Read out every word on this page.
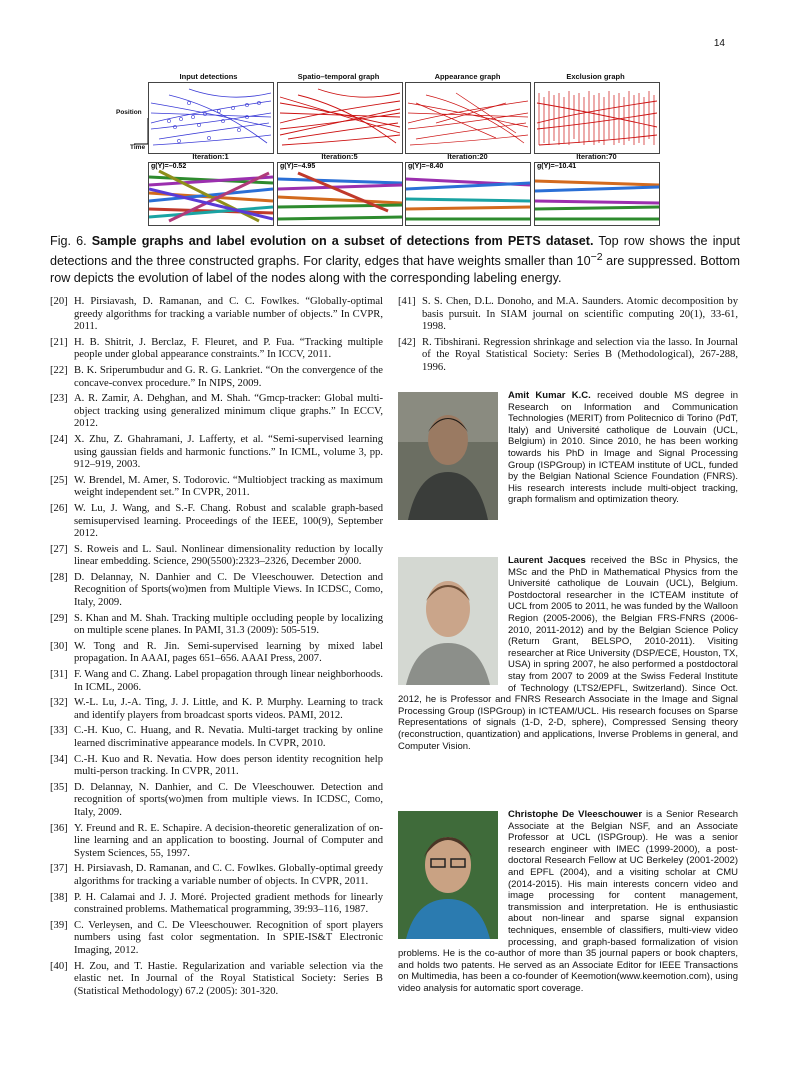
14
Input detections	Spatio–temporal graph	Appearance graph	Exclusion graph
Position
Time
Iteration:1	Iteration:5	Iteration:20	Iteration:70
g(Y)=–0.52	g(Y)=–4.95	g(Y)=–8.40	g(Y)=–10.41
Fig. 6. Sample graphs and label evolution on a subset of detections from PETS dataset. Top row shows the input detections and the three constructed graphs. For clarity, edges that have weights smaller than $10^{-2}$ are suppressed. Bottom row depicts the evolution of label of the nodes along with the corresponding labeling energy.
[20] H. Pirsiavash, D. Ramanan, and C. C. Fowlkes. “Globally-optimal greedy algorithms for tracking a variable number of objects.” In CVPR, 2011.
[21] H. B. Shitrit, J. Berclaz, F. Fleuret, and P. Fua. “Tracking multiple people under global appearance constraints.” In ICCV, 2011.
[22] B. K. Sriperumbudur and G. R. G. Lankriet. “On the convergence of the concave-convex procedure.” In NIPS, 2009.
[23] A. R. Zamir, A. Dehghan, and M. Shah. “Gmcp-tracker: Global multi-object tracking using generalized minimum clique graphs.” In ECCV, 2012.
[24] X. Zhu, Z. Ghahramani, J. Lafferty, et al. “Semi-supervised learning using gaussian fields and harmonic functions.” In ICML, volume 3, pp. 912–919, 2003.
[25] W. Brendel, M. Amer, S. Todorovic. “Multiobject tracking as maximum weight independent set.” In CVPR, 2011.
[26] W. Lu, J. Wang, and S.-F. Chang. Robust and scalable graph-based semisupervised learning. Proceedings of the IEEE, 100(9), September 2012.
[27] S. Roweis and L. Saul. Nonlinear dimensionality reduction by locally linear embedding. Science, 290(5500):2323–2326, December 2000.
[28] D. Delannay, N. Danhier and C. De Vleeschouwer. Detection and Recognition of Sports(wo)men from Multiple Views. In ICDSC, Como, Italy, 2009.
[29] S. Khan and M. Shah. Tracking multiple occluding people by localizing on multiple scene planes. In PAMI, 31.3 (2009): 505-519.
[30] W. Tong and R. Jin. Semi-supervised learning by mixed label propagation. In AAAI, pages 651–656. AAAI Press, 2007.
[31] F. Wang and C. Zhang. Label propagation through linear neighborhoods. In ICML, 2006.
[32] W.-L. Lu, J.-A. Ting, J. J. Little, and K. P. Murphy. Learning to track and identify players from broadcast sports videos. PAMI, 2012.
[33] C.-H. Kuo, C. Huang, and R. Nevatia. Multi-target tracking by online learned discriminative appearance models. In CVPR, 2010.
[34] C.-H. Kuo and R. Nevatia. How does person identity recognition help multi-person tracking. In CVPR, 2011.
[35] D. Delannay, N. Danhier, and C. De Vleeschouwer. Detection and recognition of sports(wo)men from multiple views. In ICDSC, Como, Italy, 2009.
[36] Y. Freund and R. E. Schapire. A decision-theoretic generalization of on-line learning and an application to boosting. Journal of Computer and System Sciences, 55, 1997.
[37] H. Pirsiavash, D. Ramanan, and C. C. Fowlkes. Globally-optimal greedy algorithms for tracking a variable number of objects. In CVPR, 2011.
[38] P. H. Calamai and J. J. Moré. Projected gradient methods for linearly constrained problems. Mathematical programming, 39:93–116, 1987.
[39] C. Verleysen, and C. De Vleeschouwer. Recognition of sport players numbers using fast color segmentation. In SPIE-IS&T Electronic Imaging, 2012.
[40] H. Zou, and T. Hastie. Regularization and variable selection via the elastic net. In Journal of the Royal Statistical Society: Series B (Statistical Methodology) 67.2 (2005): 301-320.
[41] S. S. Chen, D.L. Donoho, and M.A. Saunders. Atomic decomposition by basis pursuit. In SIAM journal on scientific computing 20(1), 33-61, 1998.
[42] R. Tibshirani. Regression shrinkage and selection via the lasso. In Journal of the Royal Statistical Society: Series B (Methodological), 267-288, 1996.
Amit Kumar K.C. received double MS degree in Research on Information and Communication Technologies (MERIT) from Politecnico di Torino (PdT, Italy) and Université catholique de Louvain (UCL, Belgium) in 2010. Since 2010, he has been working towards his PhD in Image and Signal Processing Group (ISPGroup) in ICTEAM institute of UCL, funded by the Belgian National Science Foundation (FNRS). His research interests include multi-object tracking, graph formalism and optimization theory.
Laurent Jacques received the BSc in Physics, the MSc and the PhD in Mathematical Physics from the Université catholique de Louvain (UCL), Belgium. Postdoctoral researcher in the ICTEAM institute of UCL from 2005 to 2011, he was funded by the Walloon Region (2005-2006), the Belgian FRS-FNRS (2006-2010, 2011-2012) and by the Belgian Science Policy (Return Grant, BELSPO, 2010-2011). Visiting researcher at Rice University (DSP/ECE, Houston, TX, USA) in spring 2007, he also performed a postdoctoral stay from 2007 to 2009 at the Swiss Federal Institute of Technology (LTS2/EPFL, Switzerland). Since Oct. 2012, he is Professor and FNRS Research Associate in the Image and Signal Processing Group (ISPGroup) in ICTEAM/UCL. His research focuses on Sparse Representations of signals (1-D, 2-D, sphere), Compressed Sensing theory (reconstruction, quantization) and applications, Inverse Problems in general, and Computer Vision.
Christophe De Vleeschouwer is a Senior Research Associate at the Belgian NSF, and an Associate Professor at UCL (ISPGroup). He was a senior research engineer with IMEC (1999-2000), a post-doctoral Research Fellow at UC Berkeley (2001-2002) and EPFL (2004), and a visiting scholar at CMU (2014-2015). His main interests concern video and image processing for content management, transmission and interpretation. He is enthusiastic about non-linear and sparse signal expansion techniques, ensemble of classifiers, multi-view video processing, and graph-based formalization of vision problems. He is the co-author of more than 35 journal papers or book chapters, and holds two patents. He served as an Associate Editor for IEEE Transactions on Multimedia, has been a co-founder of Keemotion(www.keemotion.com), using video analysis for automatic sport coverage.
